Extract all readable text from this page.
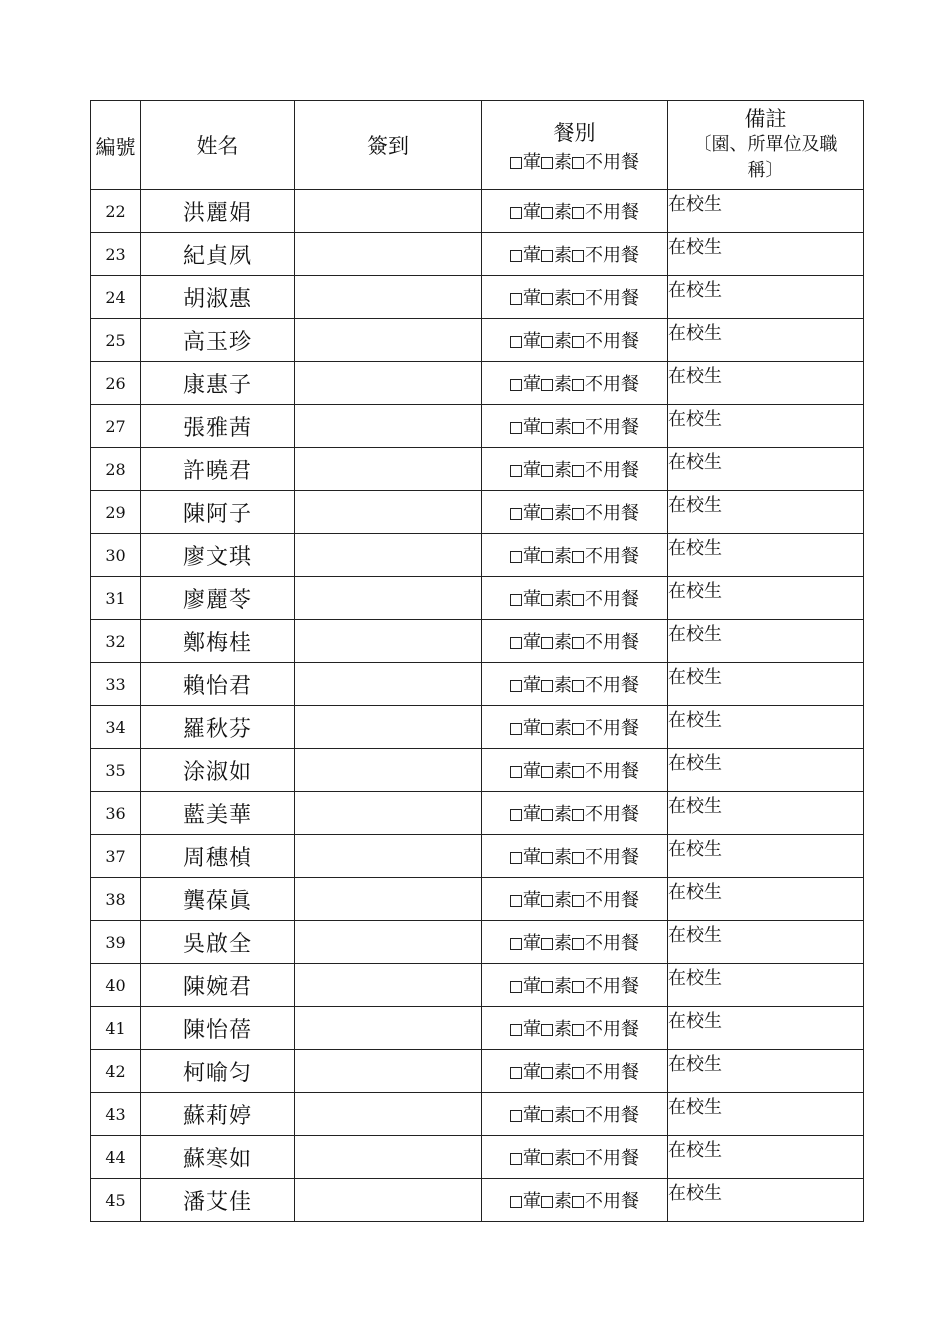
編號	姓名	簽到	餐別
葷 素 不用餐	備註
〔園、所單位及職稱〕

22	洪麗娟		葷 素 不用餐	在校生
23	紀貞夙		葷 素 不用餐	在校生
24	胡淑惠		葷 素 不用餐	在校生
25	高玉珍		葷 素 不用餐	在校生
26	康惠子		葷 素 不用餐	在校生
27	張雅茜		葷 素 不用餐	在校生
28	許曉君		葷 素 不用餐	在校生
29	陳阿子		葷 素 不用餐	在校生
30	廖文琪		葷 素 不用餐	在校生
31	廖麗苓		葷 素 不用餐	在校生
32	鄭梅桂		葷 素 不用餐	在校生
33	賴怡君		葷 素 不用餐	在校生
34	羅秋芬		葷 素 不用餐	在校生
35	涂淑如		葷 素 不用餐	在校生
36	藍美華		葷 素 不用餐	在校生
37	周穗楨		葷 素 不用餐	在校生
38	龔葆眞		葷 素 不用餐	在校生
39	吳啟全		葷 素 不用餐	在校生
40	陳婉君		葷 素 不用餐	在校生
41	陳怡蓓		葷 素 不用餐	在校生
42	柯喻匀		葷 素 不用餐	在校生
43	蘇莉婷		葷 素 不用餐	在校生
44	蘇寒如		葷 素 不用餐	在校生
45	潘艾佳		葷 素 不用餐	在校生
